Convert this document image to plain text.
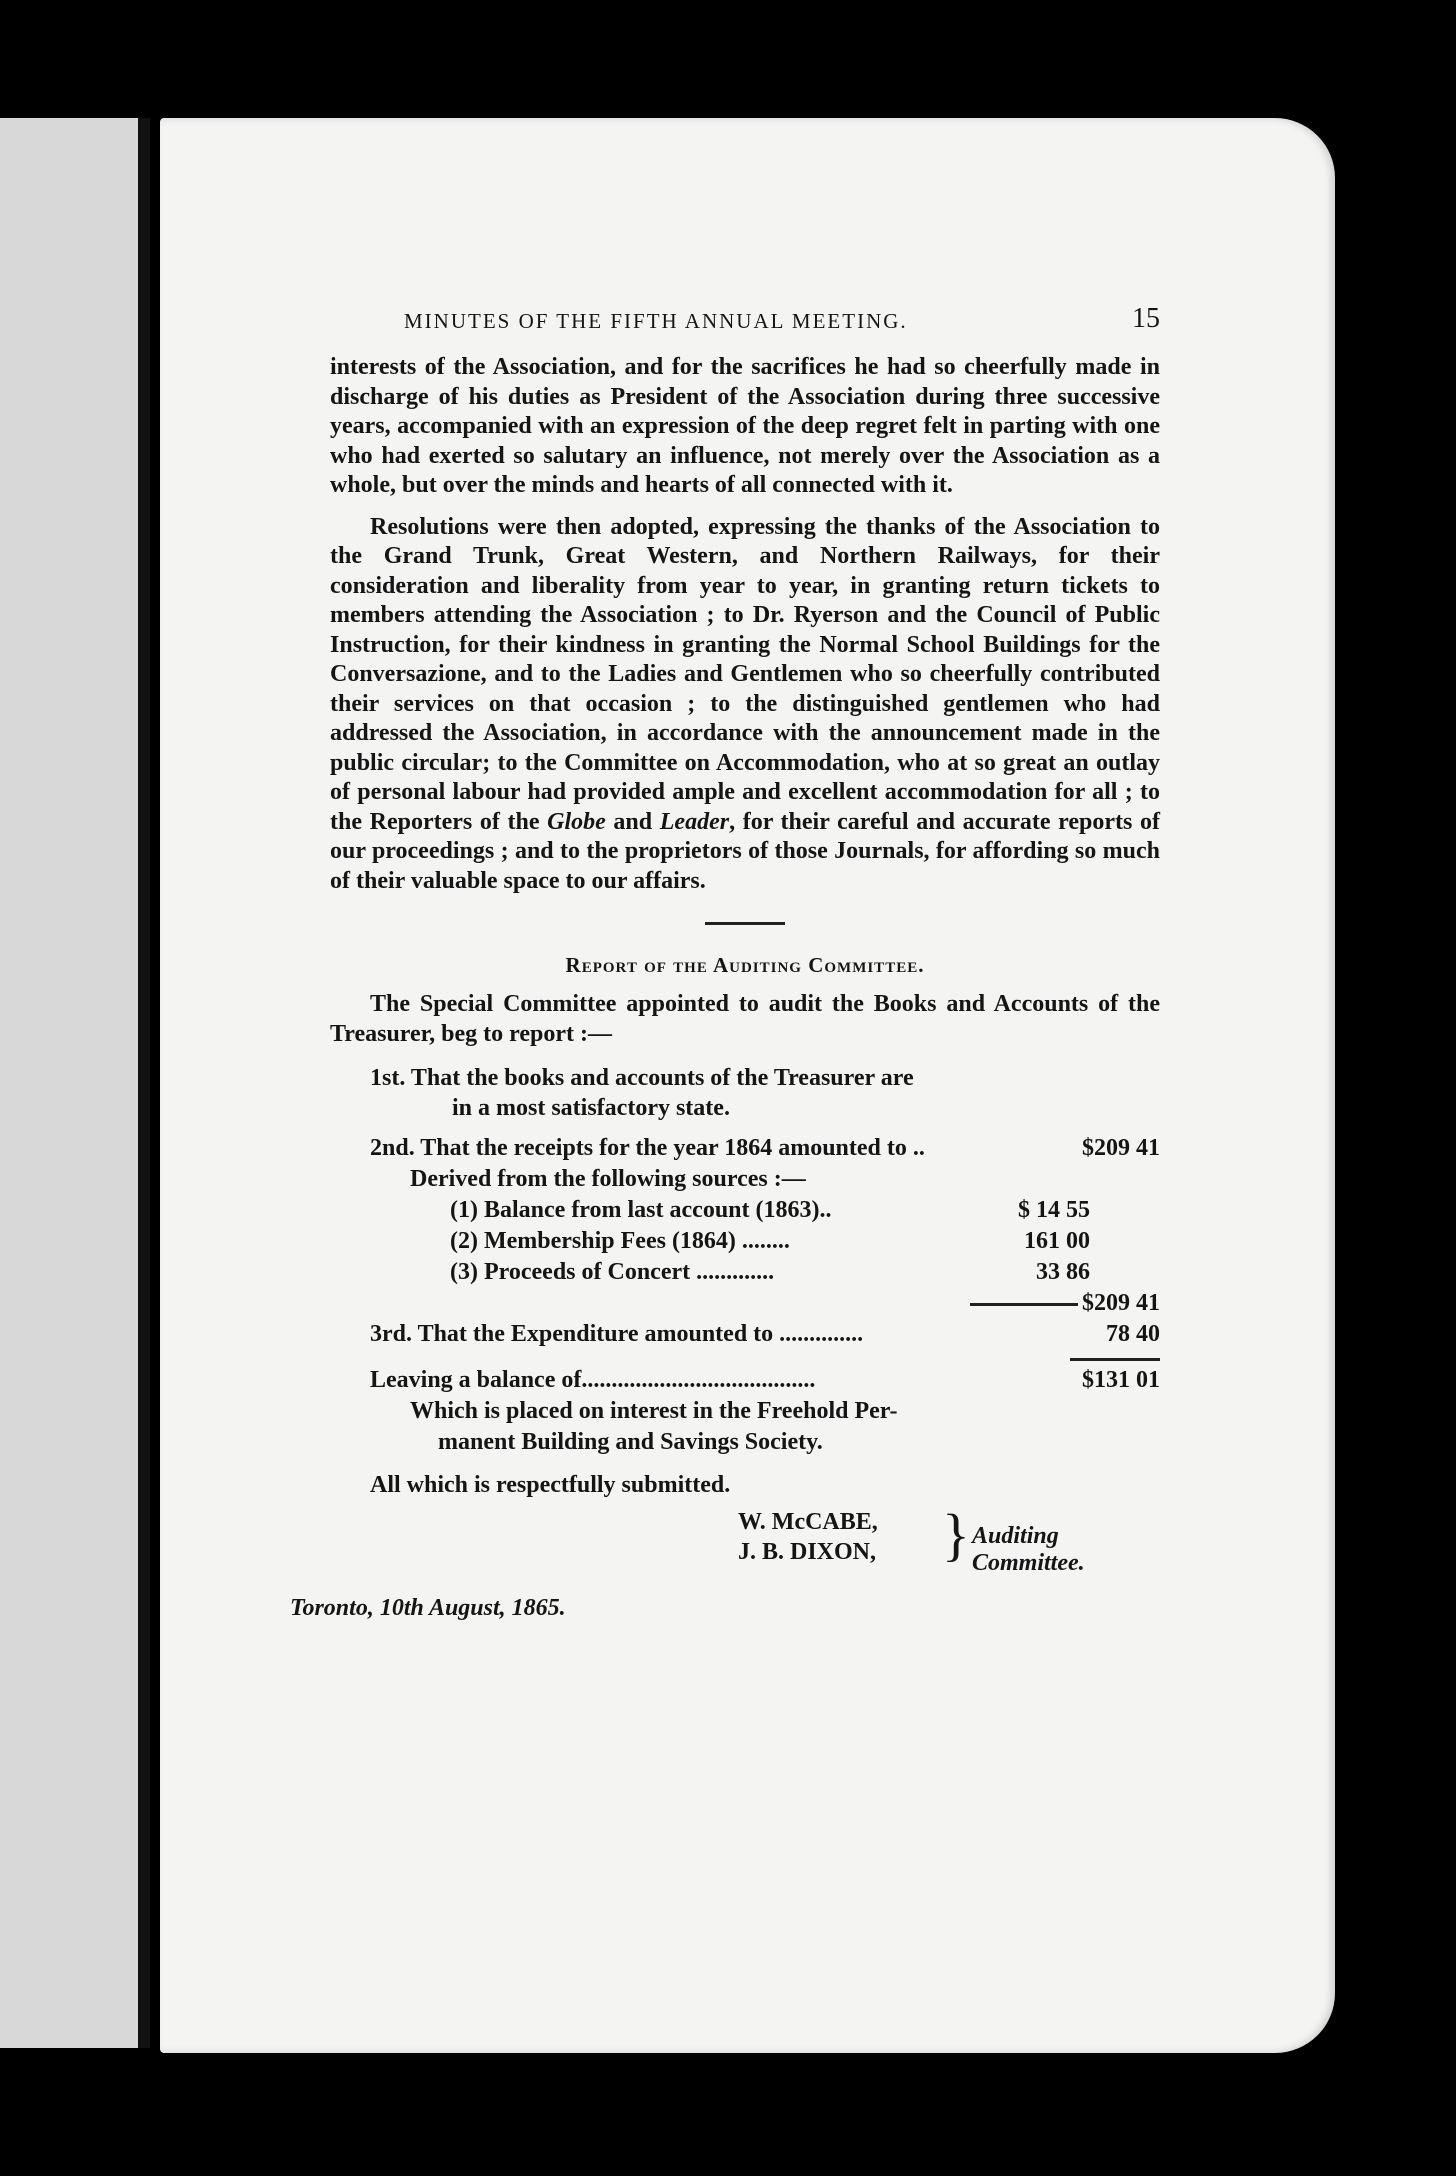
MINUTES OF THE FIFTH ANNUAL MEETING.	15

interests of the Association, and for the sacrifices he had so cheerfully made in discharge of his duties as President of the Association during three successive years, accompanied with an expression of the deep regret felt in parting with one who had exerted so salutary an influence, not merely over the Association as a whole, but over the minds and hearts of all connected with it.

Resolutions were then adopted, expressing the thanks of the Association to the Grand Trunk, Great Western, and Northern Railways, for their consideration and liberality from year to year, in granting return tickets to members attending the Association ; to Dr. Ryerson and the Council of Public Instruction, for their kindness in granting the Normal School Buildings for the Conversazione, and to the Ladies and Gentlemen who so cheerfully contributed their services on that occasion ; to the distinguished gentlemen who had addressed the Association, in accordance with the announcement made in the public circular; to the Committee on Accommodation, who at so great an outlay of personal labour had provided ample and excellent accommodation for all ; to the Reporters of the Globe and Leader, for their careful and accurate reports of our proceedings ; and to the proprietors of those Journals, for affording so much of their valuable space to our affairs.

Report of the Auditing Committee.

The Special Committee appointed to audit the Books and Accounts of the Treasurer, beg to report :—

1st. That the books and accounts of the Treasurer are
in a most satisfactory state.
2nd. That the receipts for the year 1864 amounted to ..	$209 41
Derived from the following sources :—
(1) Balance from last account (1863)..	$ 14 55
(2) Membership Fees (1864) ........	161 00
(3) Proceeds of Concert .............	33 86
$209 41
3rd. That the Expenditure amounted to ..............	78 40
Leaving a balance of.......................................	$131 01
Which is placed on interest in the Freehold Per-
manent Building and Savings Society.
All which is respectfully submitted.
W. McCABE,
J. B. DIXON, } Auditing Committee.
Toronto, 10th August, 1865.
